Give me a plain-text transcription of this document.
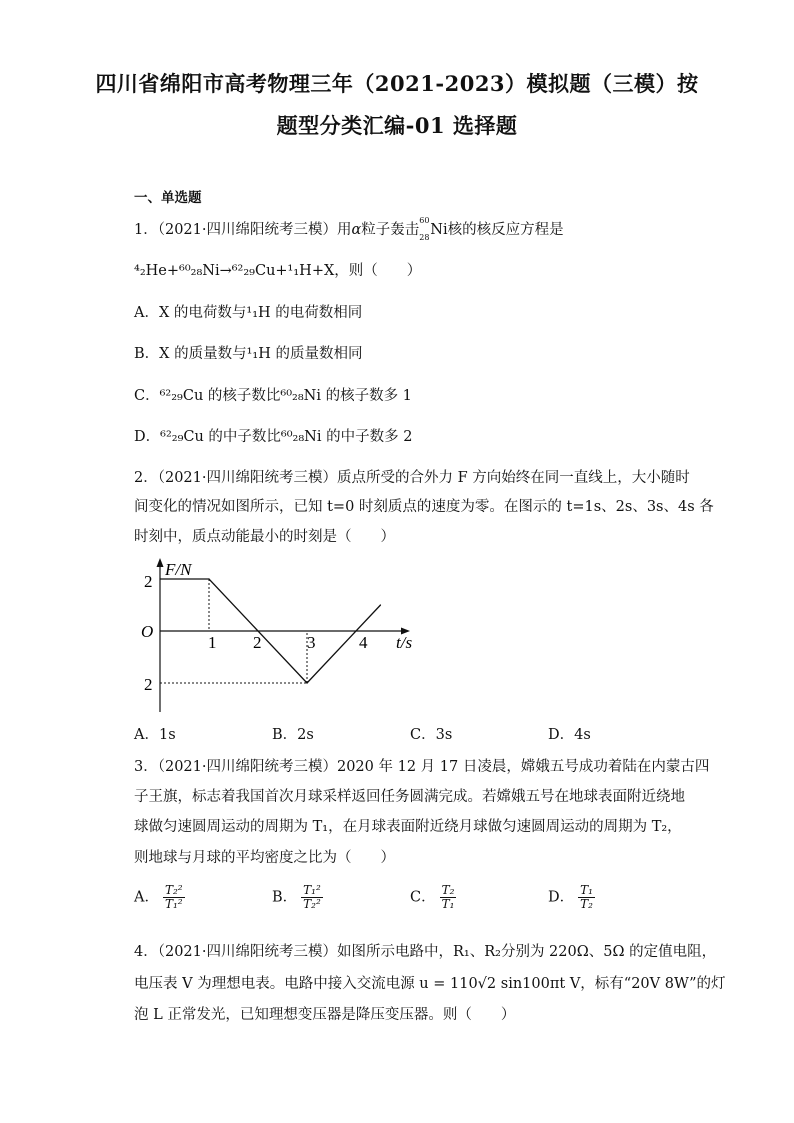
四川省绵阳市高考物理三年（2021-2023）模拟题（三模）按
题型分类汇编-01 选择题
一、单选题
1．（2021·四川绵阳统考三模）用α粒子轰击
60
28 Ni核的核反应方程是
⁴₂He+⁶⁰₂₈Ni→⁶²₂₉Cu+¹₁H+X，则（　　）
A．X 的电荷数与¹₁H 的电荷数相同
B．X 的质量数与¹₁H 的质量数相同
C．⁶²₂₉Cu 的核子数比⁶⁰₂₈Ni 的核子数多 1
D．⁶²₂₉Cu 的中子数比⁶⁰₂₈Ni 的中子数多 2
2．（2021·四川绵阳统考三模）质点所受的合外力 F 方向始终在同一直线上，大小随时
间变化的情况如图所示，已知 t=0 时刻质点的速度为零。在图示的 t=1s、2s、3s、4s 各
时刻中，质点动能最小的时刻是（　　）
F/N
t/s
O
1 2	3	4
2
2
A．1s	B．2s	C．3s	D．4s
3．（2021·四川绵阳统考三模）2020 年 12 月 17 日凌晨，嫦娥五号成功着陆在内蒙古四
子王旗，标志着我国首次月球采样返回任务圆满完成。若嫦娥五号在地球表面附近绕地
球做匀速圆周运动的周期为 T₁，在月球表面附近绕月球做匀速圆周运动的周期为 T₂，
则地球与月球的平均密度之比为（　　）
A． $\frac{\text{T₂²}}{\text{T₁²}}$	B． $\frac{\text{T₁²}}{\text{T₂²}}$	C． $\frac{\text{T₂}}{\text{T₁}}$	D． $\frac{\text{T₁}}{\text{T₂}}$
4．（2021·四川绵阳统考三模）如图所示电路中，R₁、R₂分别为 220Ω、5Ω 的定值电阻，
电压表 V 为理想电表。电路中接入交流电源 u = 110√2 sin100πt V，标有“20V 8W”的灯
泡 L 正常发光，已知理想变压器是降压变压器。则（　　）
